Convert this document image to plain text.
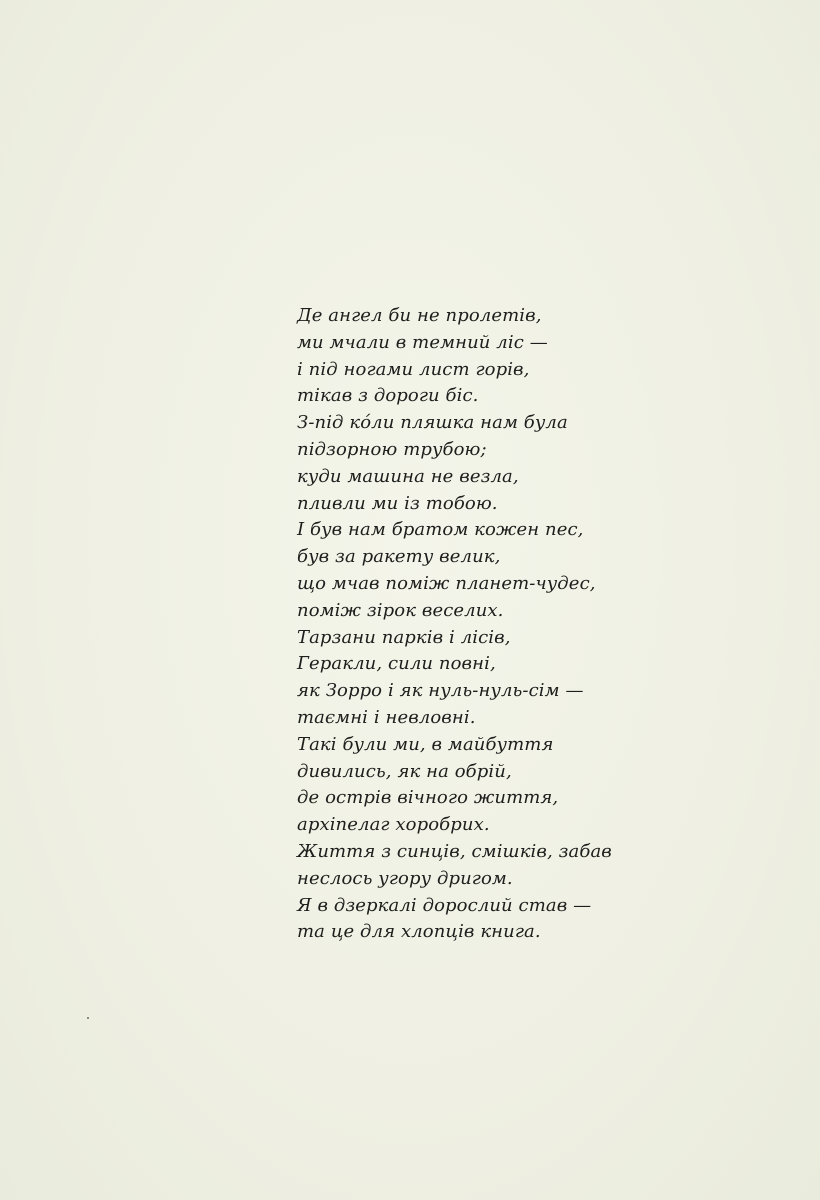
Де ангел би не пролетів,
ми мчали в темний ліс —
і під ногами лист горів,
тікав з дороги біс.
З-під кóли пляшка нам була
підзорною трубою;
куди машина не везла,
пливли ми із тобою.
І був нам братом кожен пес,
був за ракету велик,
що мчав поміж планет-чудес,
поміж зірок веселих.
Тарзани парків і лісів,
Геракли, сили повні,
як Зорро і як нуль-нуль-сім —
таємні і невловні.
Такі були ми, в майбуття
дивились, як на обрій,
де острів вічного життя,
архіпелаг хоробрих.
Життя з синців, смішків, забав
неслось угору дригом.
Я в дзеркалі дорослий став —
та це для хлопців книга.
